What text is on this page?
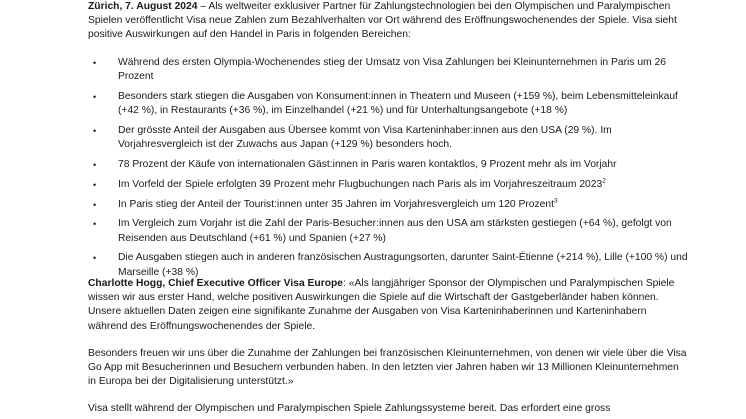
Zürich, 7. August 2024 – Als weltweiter exklusiver Partner für Zahlungstechnologien bei den Olympischen und Paralympischen Spielen veröffentlicht Visa neue Zahlen zum Bezahlverhalten vor Ort während des Eröffnungswochenendes der Spiele. Visa sieht positive Auswirkungen auf den Handel in Paris in folgenden Bereichen:

• Während des ersten Olympia-Wochenendes stieg der Umsatz von Visa Zahlungen bei Kleinunternehmen in Paris um 26 Prozent
• Besonders stark stiegen die Ausgaben von Konsument:innen in Theatern und Museen (+159 %), beim Lebensmitteleinkauf (+42 %), in Restaurants (+36 %), im Einzelhandel (+21 %) und für Unterhaltungsangebote (+18 %)
• Der grösste Anteil der Ausgaben aus Übersee kommt von Visa Karteninhaber:innen aus den USA (29 %). Im Vorjahresvergleich ist der Zuwachs aus Japan (+129 %) besonders hoch.
• 78 Prozent der Käufe von internationalen Gäst:innen in Paris waren kontaktlos, 9 Prozent mehr als im Vorjahr
• Im Vorfeld der Spiele erfolgten 39 Prozent mehr Flugbuchungen nach Paris als im Vorjahreszeitraum 2023$^2$
• In Paris stieg der Anteil der Tourist:innen unter 35 Jahren im Vorjahresvergleich um 120 Prozent$^3$
• Im Vergleich zum Vorjahr ist die Zahl der Paris-Besucher:innen aus den USA am stärksten gestiegen (+64 %), gefolgt von Reisenden aus Deutschland (+61 %) und Spanien (+27 %)
• Die Ausgaben stiegen auch in anderen französischen Austragungsorten, darunter Saint-Étienne (+214 %), Lille (+100 %) und Marseille (+38 %)

Charlotte Hogg, Chief Executive Officer Visa Europe: «Als langjähriger Sponsor der Olympischen und Paralympischen Spiele wissen wir aus erster Hand, welche positiven Auswirkungen die Spiele auf die Wirtschaft der Gastgeberländer haben können. Unsere aktuellen Daten zeigen eine signifikante Zunahme der Ausgaben von Visa Karteninhaberinnen und Karteninhabern während des Eröffnungswochenendes der Spiele.

Besonders freuen wir uns über die Zunahme der Zahlungen bei französischen Kleinunternehmen, von denen wir viele über die Visa Go App mit Besucherinnen und Besuchern verbunden haben. In den letzten vier Jahren haben wir 13 Millionen Kleinunternehmen in Europa bei der Digitalisierung unterstützt.»

Visa stellt während der Olympischen und Paralympischen Spiele Zahlungssysteme bereit. Das erfordert eine gross
